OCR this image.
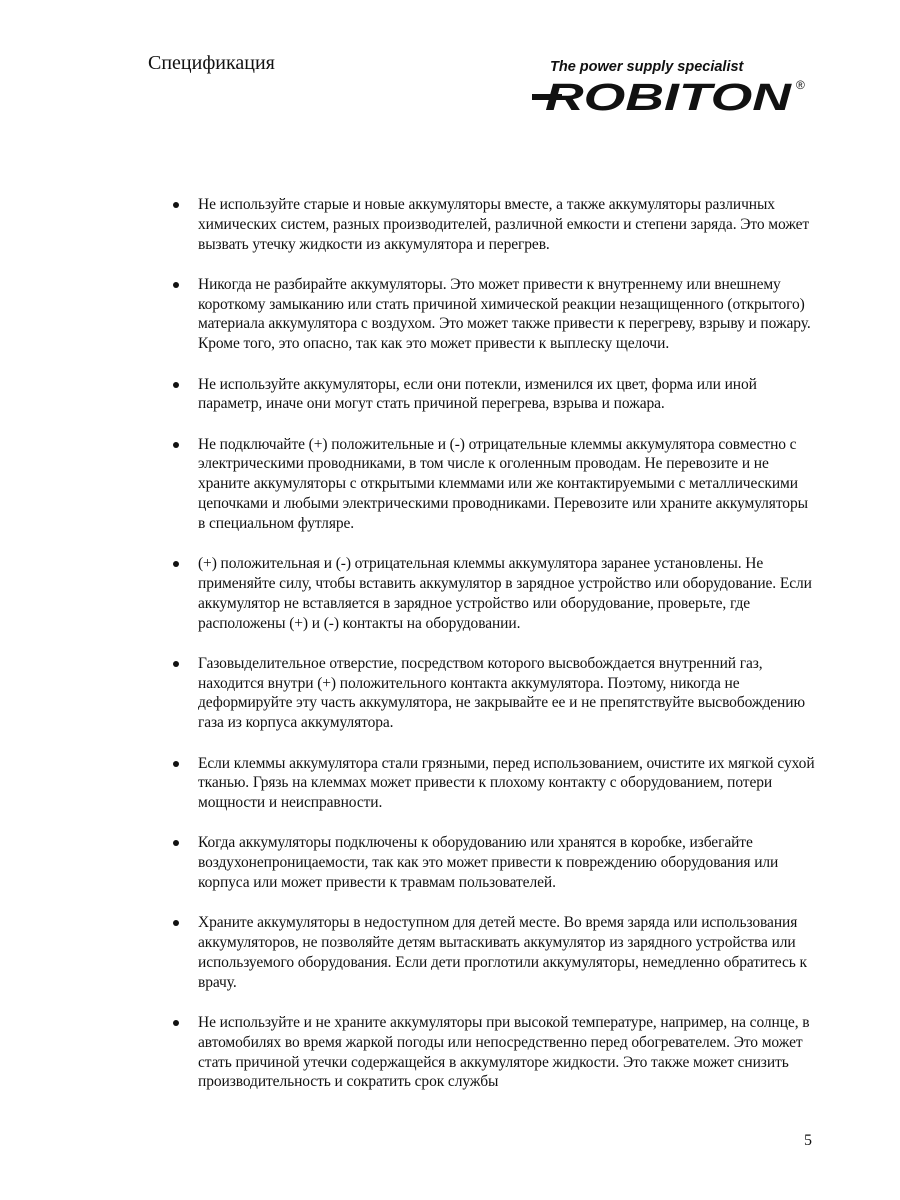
Спецификация	The power supply specialist
ROBITON ®
Не используйте старые и новые аккумуляторы вместе, а также аккумуляторы различных химических систем, разных производителей, различной емкости и степени заряда. Это может вызвать утечку жидкости из аккумулятора и перегрев.
Никогда не разбирайте аккумуляторы. Это может привести к внутреннему или внешнему короткому замыканию или стать причиной химической реакции незащищенного (открытого) материала аккумулятора с воздухом. Это может также привести к перегреву, взрыву и пожару. Кроме того, это опасно, так как это может привести к выплеску щелочи.
Не используйте аккумуляторы, если они потекли, изменился их цвет, форма или иной параметр, иначе они могут стать причиной перегрева, взрыва и пожара.
Не подключайте (+) положительные и (-) отрицательные клеммы аккумулятора совместно с электрическими проводниками, в том числе к оголенным проводам. Не перевозите и не храните аккумуляторы с открытыми клеммами или же контактируемыми с металлическими цепочками и любыми электрическими проводниками. Перевозите или храните аккумуляторы в специальном футляре.
(+) положительная и (-) отрицательная клеммы аккумулятора заранее установлены. Не применяйте силу, чтобы вставить аккумулятор в зарядное устройство или оборудование. Если аккумулятор не вставляется в зарядное устройство или оборудование, проверьте, где расположены (+) и (-) контакты на оборудовании.
Газовыделительное отверстие, посредством которого высвобождается внутренний газ, находится внутри (+) положительного контакта аккумулятора. Поэтому, никогда не деформируйте эту часть аккумулятора, не закрывайте ее и не препятствуйте высвобождению газа из корпуса аккумулятора.
Если клеммы аккумулятора стали грязными, перед использованием, очистите их мягкой сухой тканью. Грязь на клеммах может привести к плохому контакту с оборудованием, потери мощности и неисправности.
Когда аккумуляторы подключены к оборудованию или хранятся в коробке, избегайте воздухонепроницаемости, так как это может привести к повреждению оборудования или корпуса или может привести к травмам пользователей.
Храните аккумуляторы в недоступном для детей месте. Во время заряда или использования аккумуляторов, не позволяйте детям вытаскивать аккумулятор из зарядного устройства или используемого оборудования. Если дети проглотили аккумуляторы, немедленно обратитесь к врачу.
Не используйте и не храните аккумуляторы при высокой температуре, например, на солнце, в автомобилях во время жаркой погоды или непосредственно перед обогревателем. Это может стать причиной утечки содержащейся в аккумуляторе жидкости. Это также может снизить производительность и сократить срок службы
5
